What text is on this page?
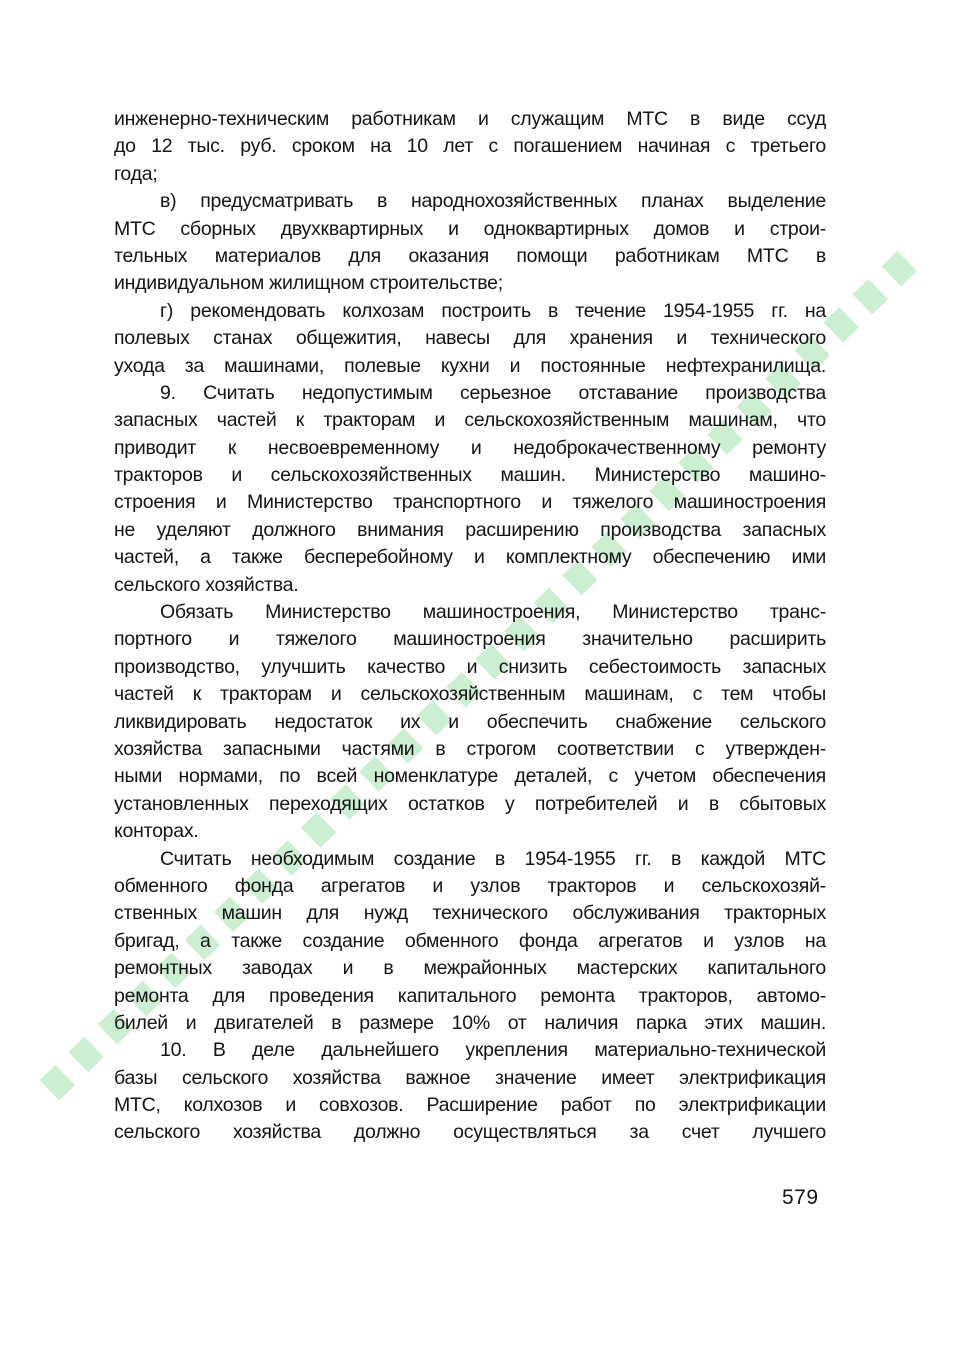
инженерно-техническим работникам и служащим МТС в виде ссуд
до 12 тыс. руб. сроком на 10 лет с погашением начиная с третьего
года;
в) предусматривать в народнохозяйственных планах выделение
МТС сборных двухквартирных и одноквартирных домов и строи-
тельных материалов для оказания помощи работникам МТС в
индивидуальном жилищном строительстве;
г) рекомендовать колхозам построить в течение 1954-1955 гг. на
полевых станах общежития, навесы для хранения и технического
ухода за машинами, полевые кухни и постоянные нефтехранилища.
9. Считать недопустимым серьезное отставание производства
запасных частей к тракторам и сельскохозяйственным машинам, что
приводит к несвоевременному и недоброкачественному ремонту
тракторов и сельскохозяйственных машин. Министерство машино-
строения и Министерство транспортного и тяжелого машиностроения
не уделяют должного внимания расширению производства запасных
частей, а также бесперебойному и комплектному обеспечению ими
сельского хозяйства.
Обязать Министерство машиностроения, Министерство транс-
портного и тяжелого машиностроения значительно расширить
производство, улучшить качество и снизить себестоимость запасных
частей к тракторам и сельскохозяйственным машинам, с тем чтобы
ликвидировать недостаток их и обеспечить снабжение сельского
хозяйства запасными частями в строгом соответствии с утвержден-
ными нормами, по всей номенклатуре деталей, с учетом обеспечения
установленных переходящих остатков у потребителей и в сбытовых
конторах.
Считать необходимым создание в 1954-1955 гг. в каждой МТС
обменного фонда агрегатов и узлов тракторов и сельскохозяй-
ственных машин для нужд технического обслуживания тракторных
бригад, а также создание обменного фонда агрегатов и узлов на
ремонтных заводах и в межрайонных мастерских капитального
ремонта для проведения капитального ремонта тракторов, автомо-
билей и двигателей в размере 10% от наличия парка этих машин.
10. В деле дальнейшего укрепления материально-технической
базы сельского хозяйства важное значение имеет электрификация
МТС, колхозов и совхозов. Расширение работ по электрификации
сельского хозяйства должно осуществляться за счет лучшего
579
